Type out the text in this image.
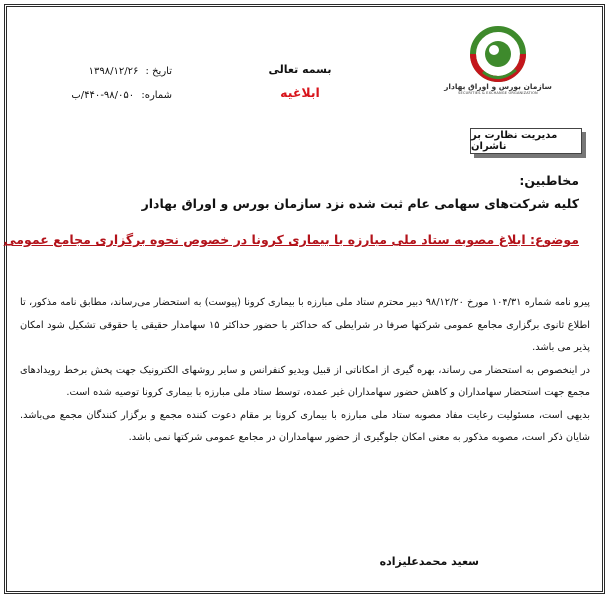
سازمان بورس و اوراق بهادار
SECURITIES & EXCHANGE ORGANIZATION
بسمه تعالی
ابلاغیه
تاریخ : ۱۳۹۸/۱۲/۲۶
شماره: ۹۸/۰۵۰-۴۴۰/ب
مدیریت نظارت بر ناشران
مخاطبین:
کلیه شرکت‌های سهامی عام ثبت شده نزد سازمان بورس و اوراق بهادار
موضوع: ابلاغ مصوبه ستاد ملی مبارزه با بیماری کرونا در خصوص نحوه برگزاری مجامع عمومی

پیرو نامه شماره ۱۰۴/۳۱ مورخ ۹۸/۱۲/۲۰ دبیر محترم ستاد ملی مبارزه با بیماری کرونا (پیوست) به استحضار می‌رساند، مطابق نامه مذکور، تا اطلاع ثانوی برگزاری مجامع عمومی شرکتها صرفا در شرایطی که حداکثر با حضور حداکثر ۱۵ سهامدار حقیقی یا حقوقی تشکیل شود امکان پذیر می باشد.

در اینخصوص به استحضار می رساند، بهره گیری از امکاناتی از قبیل ویدیو کنفرانس و سایر روشهای الکترونیک جهت پخش برخط رویدادهای مجمع جهت استحضار سهامداران و کاهش حضور سهامداران غیر عمده، توسط ستاد ملی مبارزه با بیماری کرونا توصیه شده است.

بدیهی است، مسئولیت رعایت مفاد مصوبه ستاد ملی مبارزه با بیماری کرونا بر مقام دعوت کننده مجمع و برگزار کنندگان مجمع می‌باشد. شایان ذکر است، مصوبه مذکور به معنی امکان جلوگیری از حضور سهامداران در مجامع عمومی شرکتها نمی باشد.

سعید محمدعلیزاده
